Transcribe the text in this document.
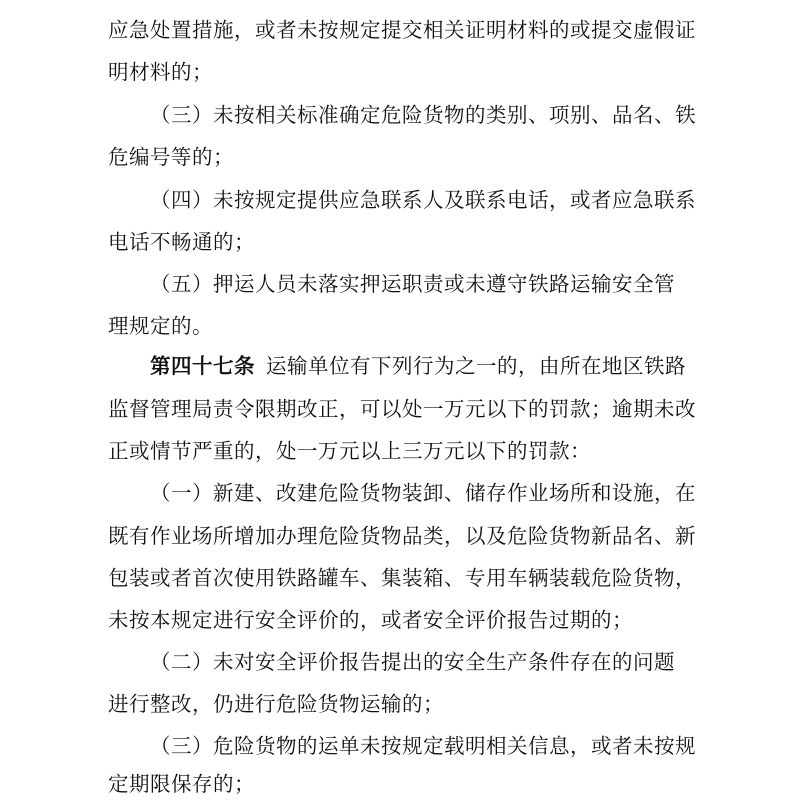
应急处置措施，或者未按规定提交相关证明材料的或提交虚假证
明材料的；
（三）未按相关标准确定危险货物的类别、项别、品名、铁
危编号等的；
（四）未按规定提供应急联系人及联系电话，或者应急联系
电话不畅通的；
（五）押运人员未落实押运职责或未遵守铁路运输安全管
理规定的。
第四十七条 运输单位有下列行为之一的，由所在地区铁路
监督管理局责令限期改正，可以处一万元以下的罚款；逾期未改
正或情节严重的，处一万元以上三万元以下的罚款：
（一）新建、改建危险货物装卸、储存作业场所和设施，在
既有作业场所增加办理危险货物品类，以及危险货物新品名、新
包装或者首次使用铁路罐车、集装箱、专用车辆装载危险货物，
未按本规定进行安全评价的，或者安全评价报告过期的；
（二）未对安全评价报告提出的安全生产条件存在的问题
进行整改，仍进行危险货物运输的；
（三）危险货物的运单未按规定载明相关信息，或者未按规
定期限保存的；
